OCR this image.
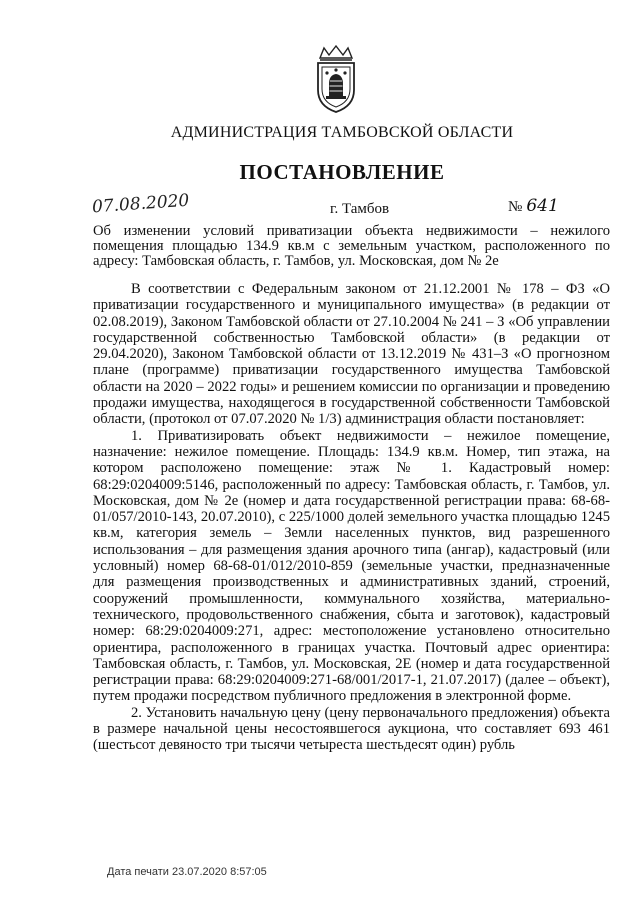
АДМИНИСТРАЦИЯ ТАМБОВСКОЙ ОБЛАСТИ
ПОСТАНОВЛЕНИЕ
07.08.2020	г. Тамбов	№ 641
Об изменении условий приватизации объекта недвижимости – нежилого помещения площадью 134.9 кв.м с земельным участком, расположенного по адресу: Тамбовская область, г. Тамбов, ул. Московская, дом № 2е

В соответствии с Федеральным законом от 21.12.2001 № 178 – ФЗ «О приватизации государственного и муниципального имущества» (в редакции от 02.08.2019), Законом Тамбовской области от 27.10.2004 № 241 – З «Об управлении государственной собственностью Тамбовской области» (в редакции от 29.04.2020), Законом Тамбовской области от 13.12.2019 № 431–З «О прогнозном плане (программе) приватизации государственного имущества Тамбовской области на 2020 – 2022 годы» и решением комиссии по организации и проведению продажи имущества, находящегося в государственной собственности Тамбовской области, (протокол от 07.07.2020 № 1/3) администрация области постановляет:

1. Приватизировать объект недвижимости – нежилое помещение, назначение: нежилое помещение. Площадь: 134.9 кв.м. Номер, тип этажа, на котором расположено помещение: этаж № 1. Кадастровый номер: 68:29:0204009:5146, расположенный по адресу: Тамбовская область, г. Тамбов, ул. Московская, дом № 2е (номер и дата государственной регистрации права: 68-68-01/057/2010-143, 20.07.2010), с 225/1000 долей земельного участка площадью 1245 кв.м, категория земель – Земли населенных пунктов, вид разрешенного использования – для размещения здания арочного типа (ангар), кадастровый (или условный) номер 68-68-01/012/2010-859 (земельные участки, предназначенные для размещения производственных и административных зданий, строений, сооружений промышленности, коммунального хозяйства, материально-технического, продовольственного снабжения, сбыта и заготовок), кадастровый номер: 68:29:0204009:271, адрес: местоположение установлено относительно ориентира, расположенного в границах участка. Почтовый адрес ориентира: Тамбовская область, г. Тамбов, ул. Московская, 2Е (номер и дата государственной регистрации права: 68:29:0204009:271-68/001/2017-1, 21.07.2017) (далее – объект), путем продажи посредством публичного предложения в электронной форме.

2. Установить начальную цену (цену первоначального предложения) объекта в размере начальной цены несостоявшегося аукциона, что составляет 693 461 (шестьсот девяносто три тысячи четыреста шестьдесят один) рубль

Дата печати 23.07.2020 8:57:05
